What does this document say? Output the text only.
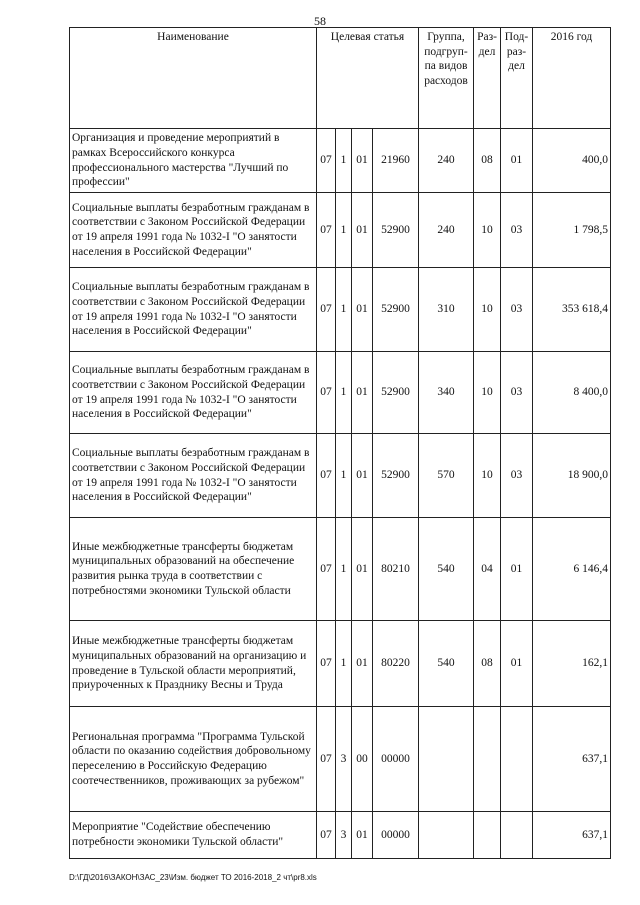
58
Наименование	Целевая статья				Группа, подгруп-па видов расходов	Раз-дел	Под-раз-дел	2016 год
Организация и проведение мероприятий в рамках Всероссийского конкурса профессионального мастерства "Лучший по профессии"	07	1	01	21960	240	08	01	400,0
Социальные выплаты безработным гражданам в соответствии с Законом Российской Федерации от 19 апреля 1991 года № 1032-I "О занятости населения в Российской Федерации"	07	1	01	52900	240	10	03	1 798,5
Социальные выплаты безработным гражданам в соответствии с Законом Российской Федерации от 19 апреля 1991 года № 1032-I "О занятости населения в Российской Федерации"	07	1	01	52900	310	10	03	353 618,4
Социальные выплаты безработным гражданам в соответствии с Законом Российской Федерации от 19 апреля 1991 года № 1032-I "О занятости населения в Российской Федерации"	07	1	01	52900	340	10	03	8 400,0
Социальные выплаты безработным гражданам в соответствии с Законом Российской Федерации от 19 апреля 1991 года № 1032-I "О занятости населения в Российской Федерации"	07	1	01	52900	570	10	03	18 900,0
Иные межбюджетные трансферты бюджетам муниципальных образований на обеспечение развития рынка труда в соответствии с потребностями экономики Тульской области	07	1	01	80210	540	04	01	6 146,4
Иные межбюджетные трансферты бюджетам муниципальных образований на организацию и проведение в Тульской области мероприятий, приуроченных к Празднику Весны и Труда	07	1	01	80220	540	08	01	162,1
Региональная программа "Программа Тульской области по оказанию содействия добровольному переселению в Российскую Федерацию соотечественников, проживающих за рубежом"	07	3	00	00000				637,1
Мероприятие "Содействие обеспечению потребности экономики Тульской области"	07	3	01	00000				637,1
D:\ГД\2016\ЗАКОН\ЗАС_23\Изм. бюджет ТО 2016-2018_2 чт\pr8.xls
